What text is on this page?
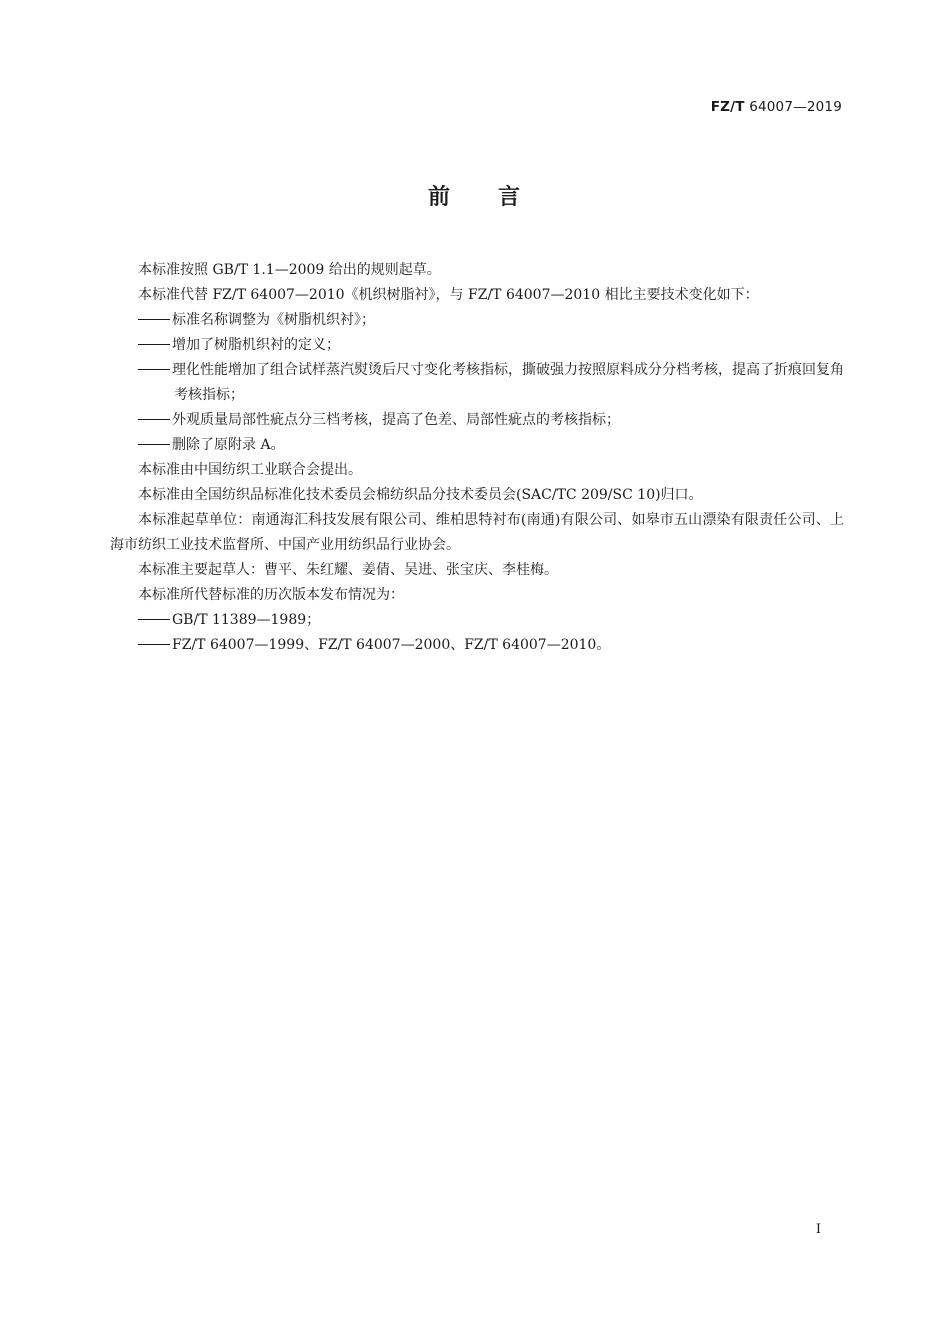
FZ/T 64007—2019
前 言

本标准按照 GB/T 1.1—2009 给出的规则起草。

本标准代替 FZ/T 64007—2010《机织树脂衬》，与 FZ/T 64007—2010 相比主要技术变化如下：

标准名称调整为《树脂机织衬》；

增加了树脂机织衬的定义；

理化性能增加了组合试样蒸汽熨烫后尺寸变化考核指标，撕破强力按照原料成分分档考核，提高了折痕回复角考核指标；

外观质量局部性疵点分三档考核，提高了色差、局部性疵点的考核指标；

删除了原附录 A。

本标准由中国纺织工业联合会提出。

本标准由全国纺织品标准化技术委员会棉纺织品分技术委员会(SAC/TC 209/SC 10)归口。

本标准起草单位：南通海汇科技发展有限公司、维柏思特衬布(南通)有限公司、如皋市五山漂染有限责任公司、上海市纺织工业技术监督所、中国产业用纺织品行业协会。

本标准主要起草人：曹平、朱红耀、姜倩、吴进、张宝庆、李桂梅。

本标准所代替标准的历次版本发布情况为：

GB/T 11389—1989；

FZ/T 64007—1999、FZ/T 64007—2000、FZ/T 64007—2010。

I
